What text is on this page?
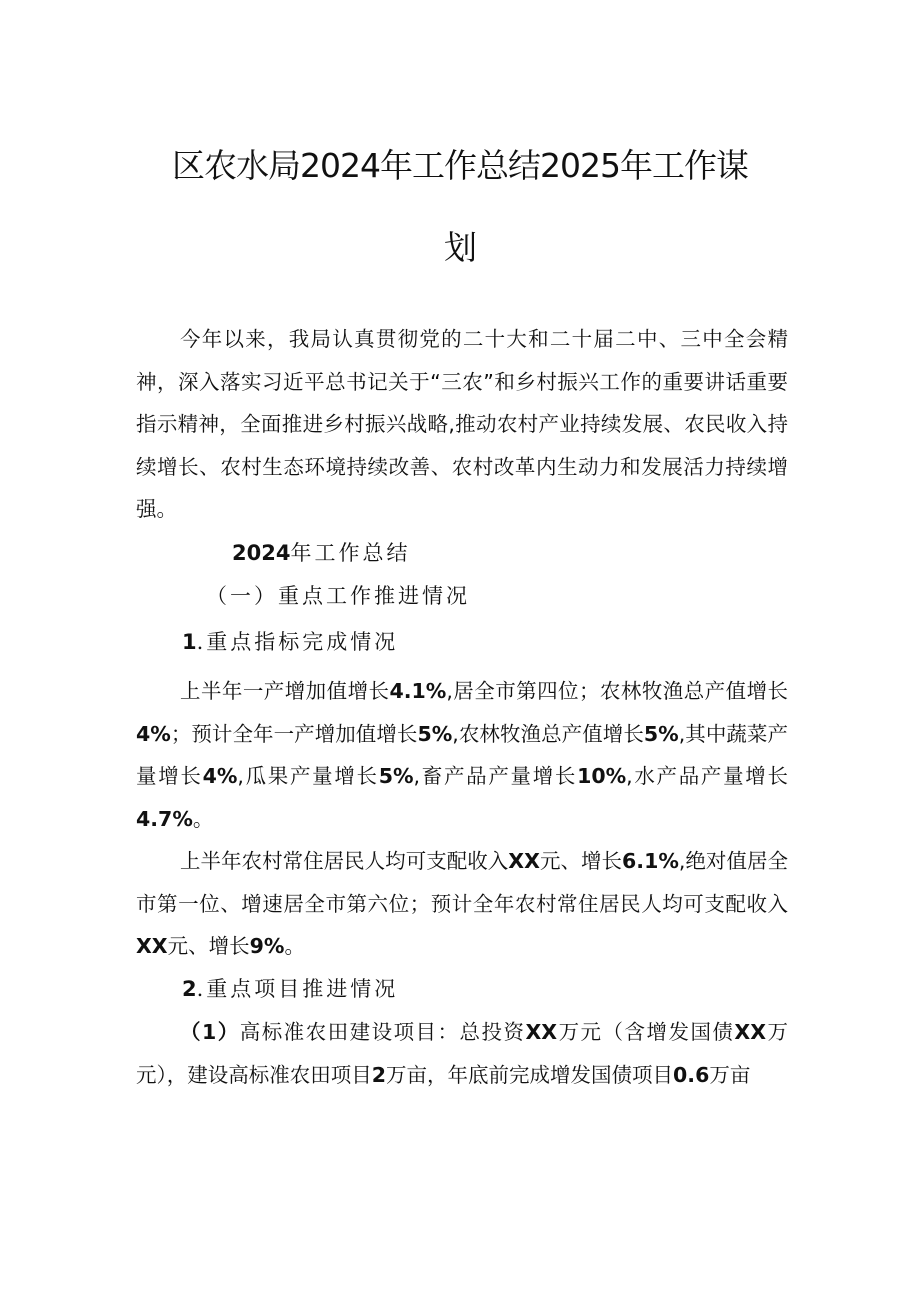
区农水局2024年工作总结2025年工作谋
划

今年以来，我局认真贯彻党的二十大和二十届二中、三中全会精神，深入落实习近平总书记关于“三农”和乡村振兴工作的重要讲话重要指示精神，全面推进乡村振兴战略,推动农村产业持续发展、农民收入持续增长、农村生态环境持续改善、农村改革内生动力和发展活力持续增强。

2024年工作总结
（一）重点工作推进情况
1.重点指标完成情况

上半年一产增加值增长4.1%,居全市第四位；农林牧渔总产值增长4%；预计全年一产增加值增长5%,农林牧渔总产值增长5%,其中蔬菜产量增长4%,瓜果产量增长5%,畜产品产量增长10%,水产品产量增长4.7%。

上半年农村常住居民人均可支配收入XX元、增长6.1%,绝对值居全市第一位、增速居全市第六位；预计全年农村常住居民人均可支配收入XX元、增长9%。

2.重点项目推进情况

（1）高标准农田建设项目：总投资XX万元（含增发国债XX万元），建设高标准农田项目2万亩，年底前完成增发国债项目0.6万亩
